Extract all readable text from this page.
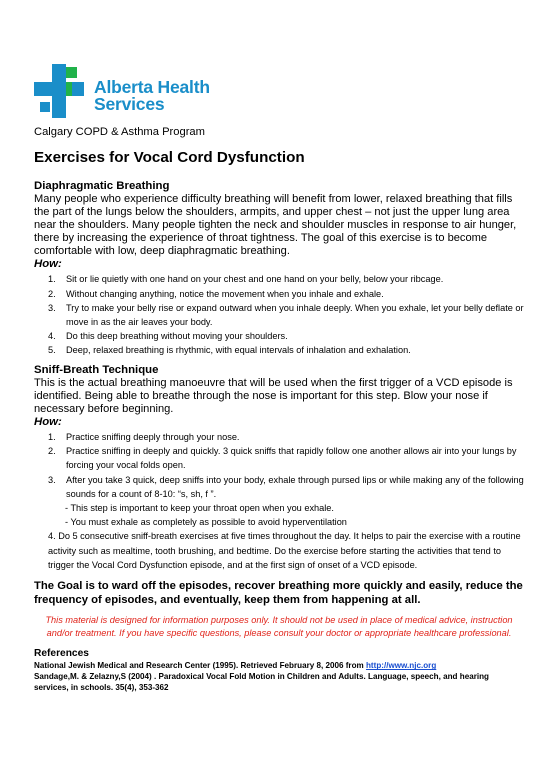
Alberta Health
Services
Calgary COPD & Asthma Program
Exercises for Vocal Cord Dysfunction
Diaphragmatic Breathing
Many people who experience difficulty breathing will benefit from lower, relaxed breathing that fills the part of the lungs below the shoulders, armpits, and upper chest – not just the upper lung area near the shoulders. Many people tighten the neck and shoulder muscles in response to air hunger, there by increasing the experience of throat tightness. The goal of this exercise is to become comfortable with low, deep diaphragmatic breathing.
How:
1. Sit or lie quietly with one hand on your chest and one hand on your belly, below your ribcage.
2. Without changing anything, notice the movement when you inhale and exhale.
3. Try to make your belly rise or expand outward when you inhale deeply. When you exhale, let your belly deflate or move in as the air leaves your body.
4. Do this deep breathing without moving your shoulders.
5. Deep, relaxed breathing is rhythmic, with equal intervals of inhalation and exhalation.
Sniff-Breath Technique
This is the actual breathing manoeuvre that will be used when the first trigger of a VCD episode is identified. Being able to breathe through the nose is important for this step. Blow your nose if necessary before beginning.
How:
1. Practice sniffing deeply through your nose.
2. Practice sniffing in deeply and quickly. 3 quick sniffs that rapidly follow one another allows air into your lungs by forcing your vocal folds open.
3. After you take 3 quick, deep sniffs into your body, exhale through pursed lips or while making any of the following sounds for a count of 8-10: “s, sh, f ”.
- This step is important to keep your throat open when you exhale.
- You must exhale as completely as possible to avoid hyperventilation
4. Do 5 consecutive sniff-breath exercises at five times throughout the day. It helps to pair the exercise with a routine activity such as mealtime, tooth brushing, and bedtime. Do the exercise before starting the activities that tend to trigger the Vocal Cord Dysfunction episode, and at the first sign of onset of a VCD episode.
The Goal is to ward off the episodes, recover breathing more quickly and easily, reduce the frequency of episodes, and eventually, keep them from happening at all.
This material is designed for information purposes only. It should not be used in place of medical advice, instruction and/or treatment. If you have specific questions, please consult your doctor or appropriate healthcare professional.
References
National Jewish Medical and Research Center (1995). Retrieved February 8, 2006 from http://www.njc.org
Sandage,M. & Zelazny,S (2004) . Paradoxical Vocal Fold Motion in Children and Adults. Language, speech, and hearing services, in schools. 35(4), 353-362
